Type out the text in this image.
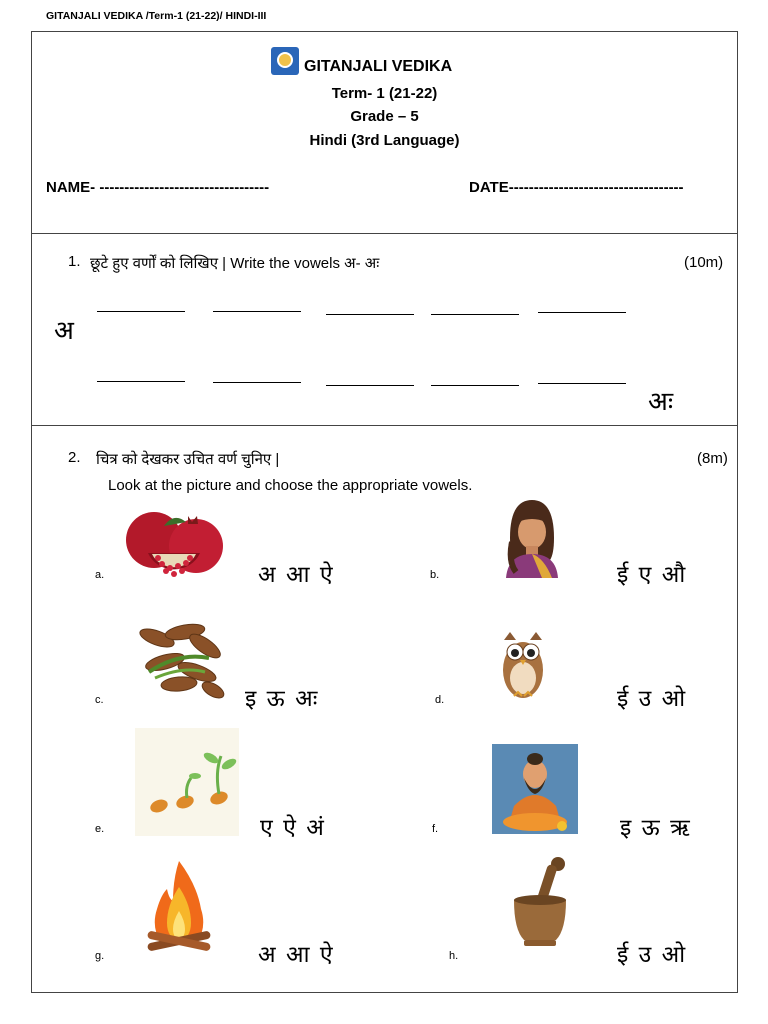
GITANJALI VEDIKA /Term-1 (21-22)/ HINDI-III
GITANJALI VEDIKA
Term- 1 (21-22)
Grade – 5
Hindi (3rd Language)
NAME- ----------------------------------	DATE-----------------------------------
1. छूटे हुए वर्णों को लिखिए | Write the vowels अ- अः	(10m)
अ
अः
2. चित्र को देखकर उचित वर्ण चुनिए |	(8m)
Look at the picture and choose the appropriate vowels.
a.	अ आ ऐ	b.	ई ए औ
c.	इ ऊ अः	d.	ई उ ओ
e.	ए ऐ अं	f.	इ ऊ ऋ
g.	अ आ ऐ	h.	ई उ ओ
